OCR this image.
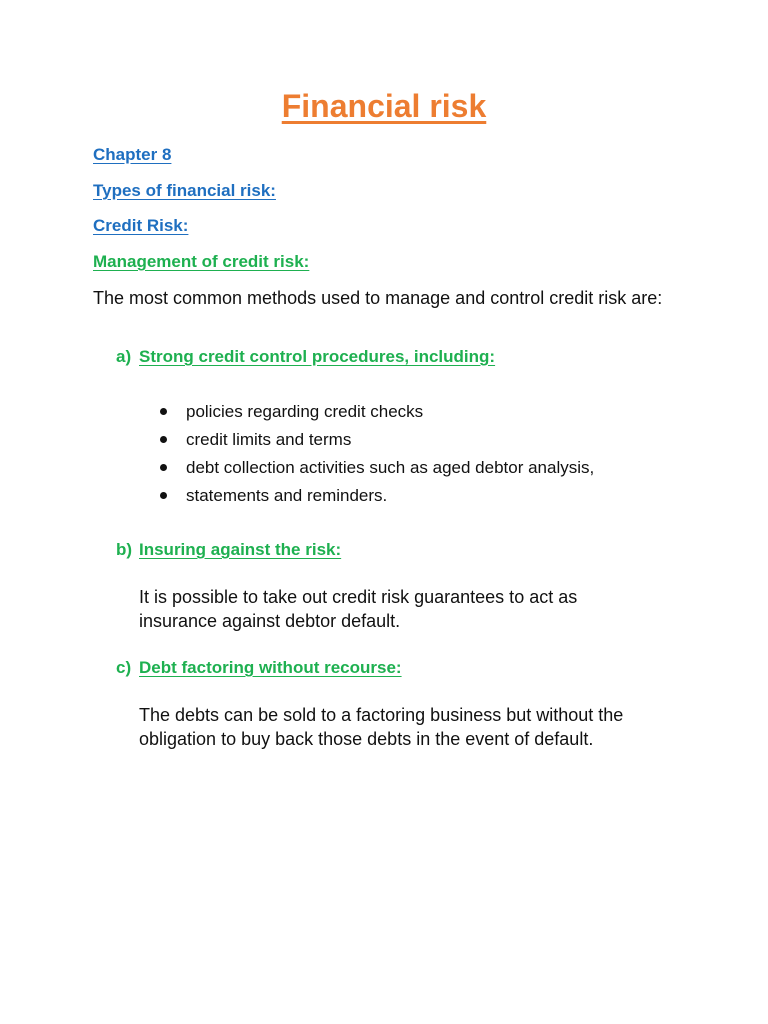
Financial risk
Chapter 8
Types of financial risk:
Credit Risk:
Management of credit risk:
The most common methods used to manage and control credit risk are:
a) Strong credit control procedures, including:
policies regarding credit checks
credit limits and terms
debt collection activities such as aged debtor analysis,
statements and reminders.
b) Insuring against the risk:
It is possible to take out credit risk guarantees to act as insurance against debtor default.
c) Debt factoring without recourse:
The debts can be sold to a factoring business but without the obligation to buy back those debts in the event of default.
